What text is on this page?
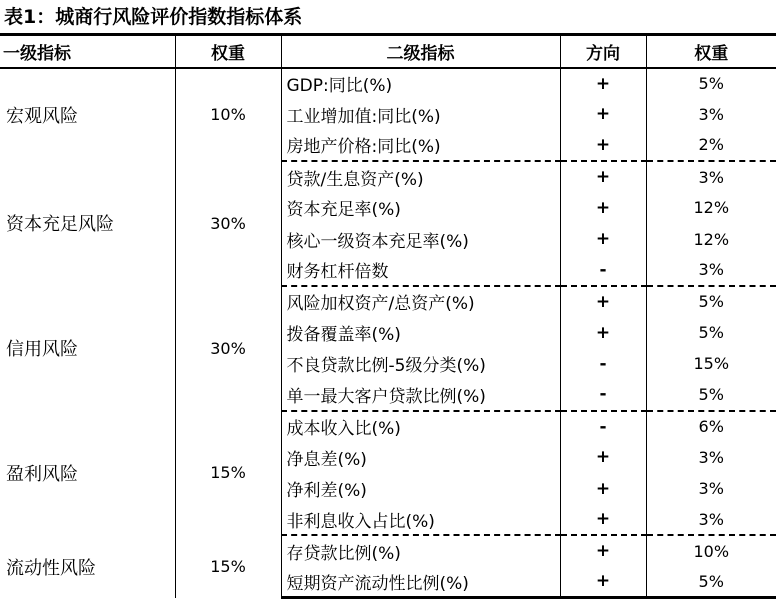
表1：城商行风险评价指数指标体系
一级指标	权重	二级指标	方向	权重
宏观风险	10%	GDP:同比(%)	+	5%
		工业增加值:同比(%)	+	3%
		房地产价格:同比(%)	+	2%
资本充足风险	30%	贷款/生息资产(%)	+	3%
		资本充足率(%)	+	12%
		核心一级资本充足率(%)	+	12%
		财务杠杆倍数	-	3%
信用风险	30%	风险加权资产/总资产(%)	+	5%
		拨备覆盖率(%)	+	5%
		不良贷款比例-5级分类(%)	-	15%
		单一最大客户贷款比例(%)	-	5%
盈利风险	15%	成本收入比(%)	-	6%
		净息差(%)	+	3%
		净利差(%)	+	3%
		非利息收入占比(%)	+	3%
流动性风险	15%	存贷款比例(%)	+	10%
		短期资产流动性比例(%)	+	5%
